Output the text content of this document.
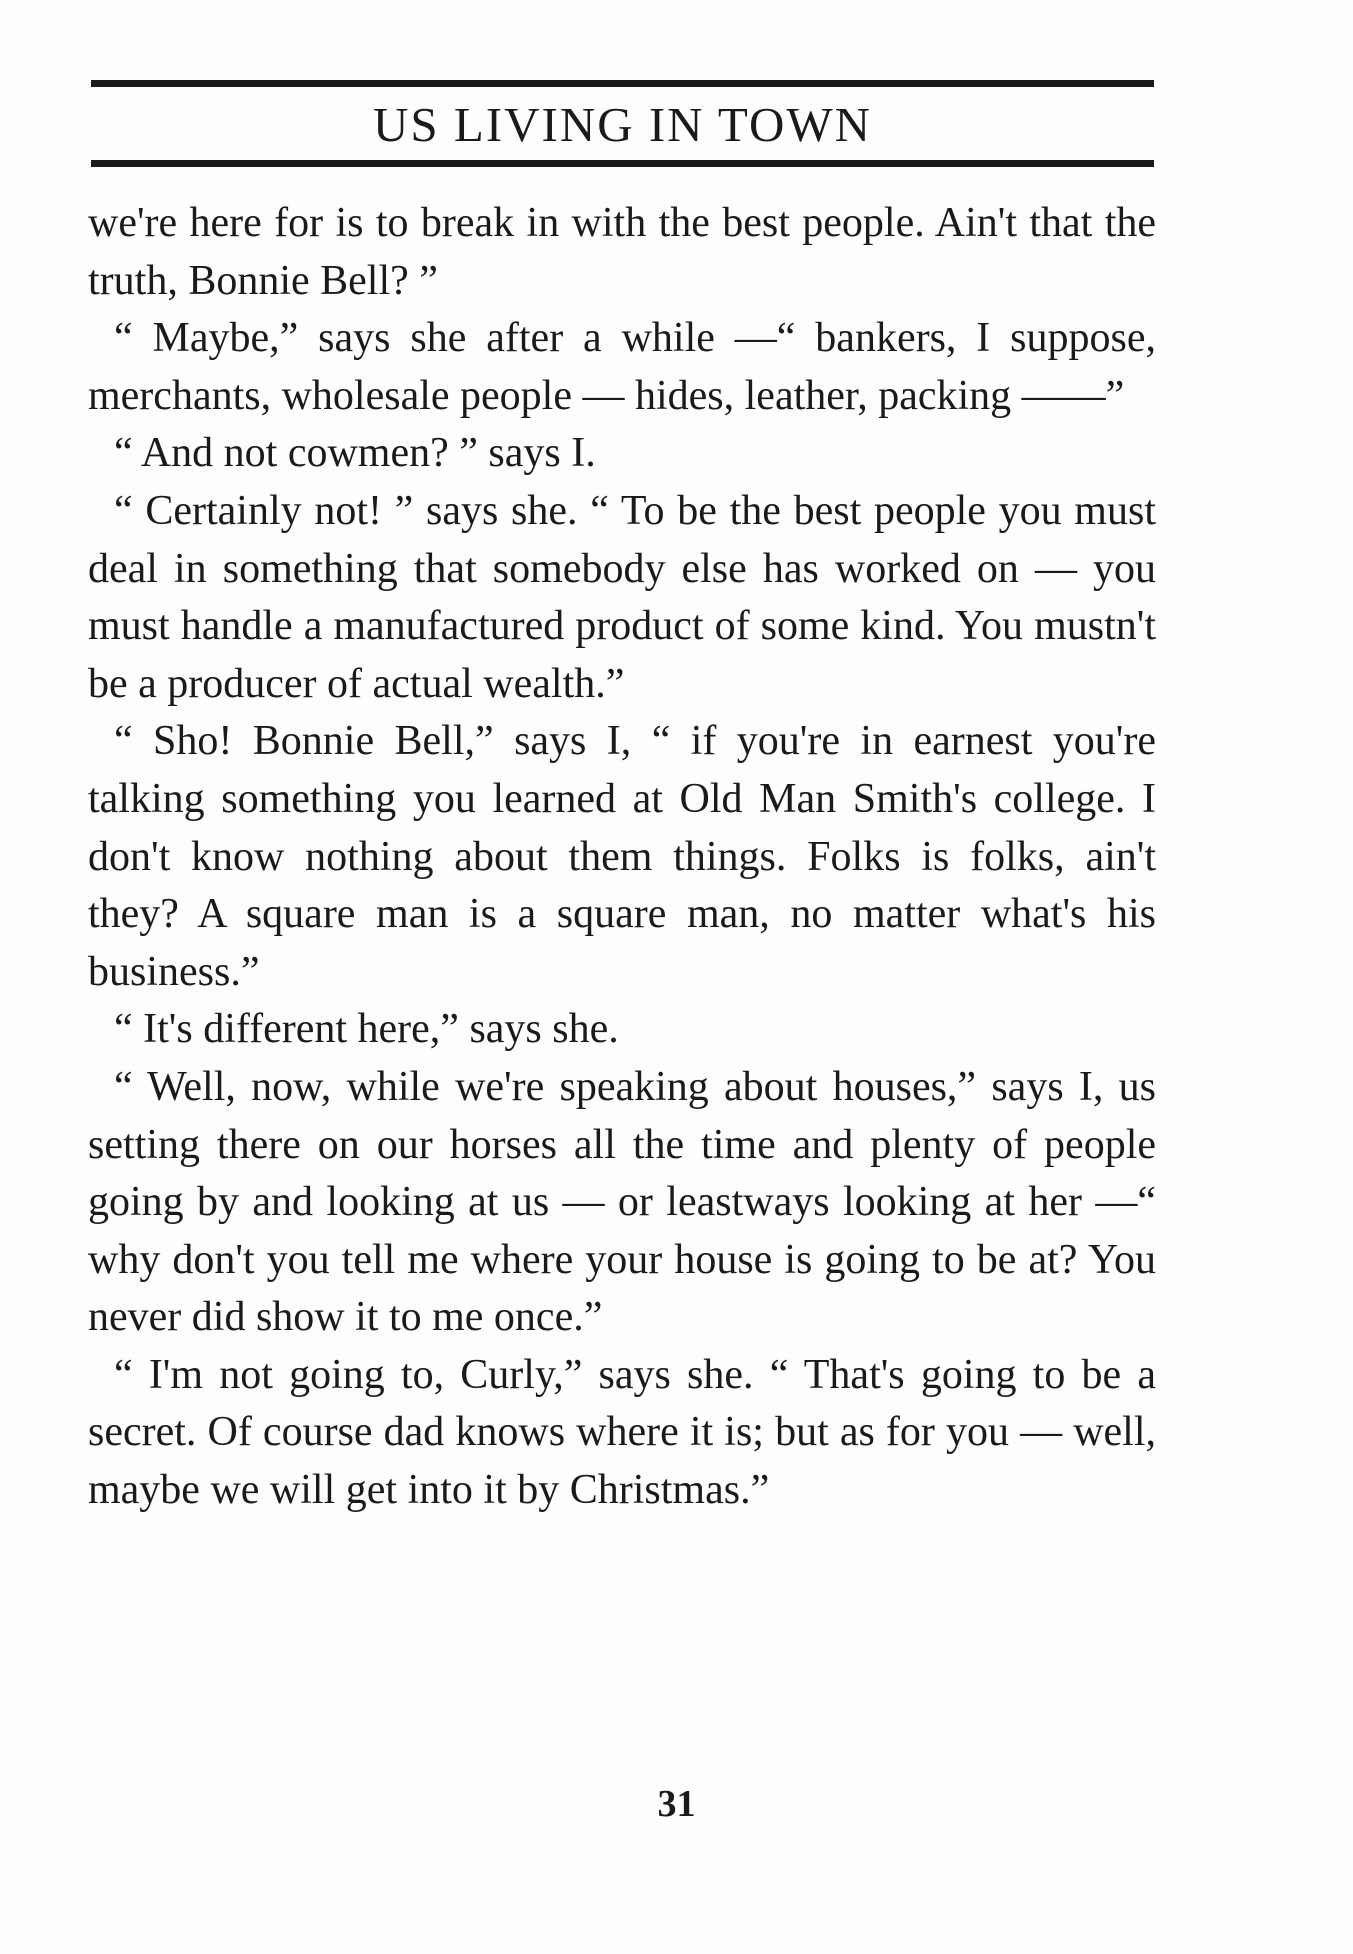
US LIVING IN TOWN

we're here for is to break in with the best people. Ain't that the truth, Bonnie Bell? ”

“ Maybe,” says she after a while —“ bankers, I suppose, merchants, wholesale people — hides, leather, packing ——”

“ And not cowmen? ” says I.

“ Certainly not! ” says she. “ To be the best people you must deal in something that somebody else has worked on — you must handle a manufactured product of some kind. You mustn't be a producer of actual wealth.”

“ Sho! Bonnie Bell,” says I, “ if you're in earnest you're talking something you learned at Old Man Smith's college. I don't know nothing about them things. Folks is folks, ain't they? A square man is a square man, no matter what's his business.”

“ It's different here,” says she.

“ Well, now, while we're speaking about houses,” says I, us setting there on our horses all the time and plenty of people going by and looking at us — or leastways looking at her —“ why don't you tell me where your house is going to be at? You never did show it to me once.”

“ I'm not going to, Curly,” says she. “ That's going to be a secret. Of course dad knows where it is; but as for you — well, maybe we will get into it by Christmas.”

31
